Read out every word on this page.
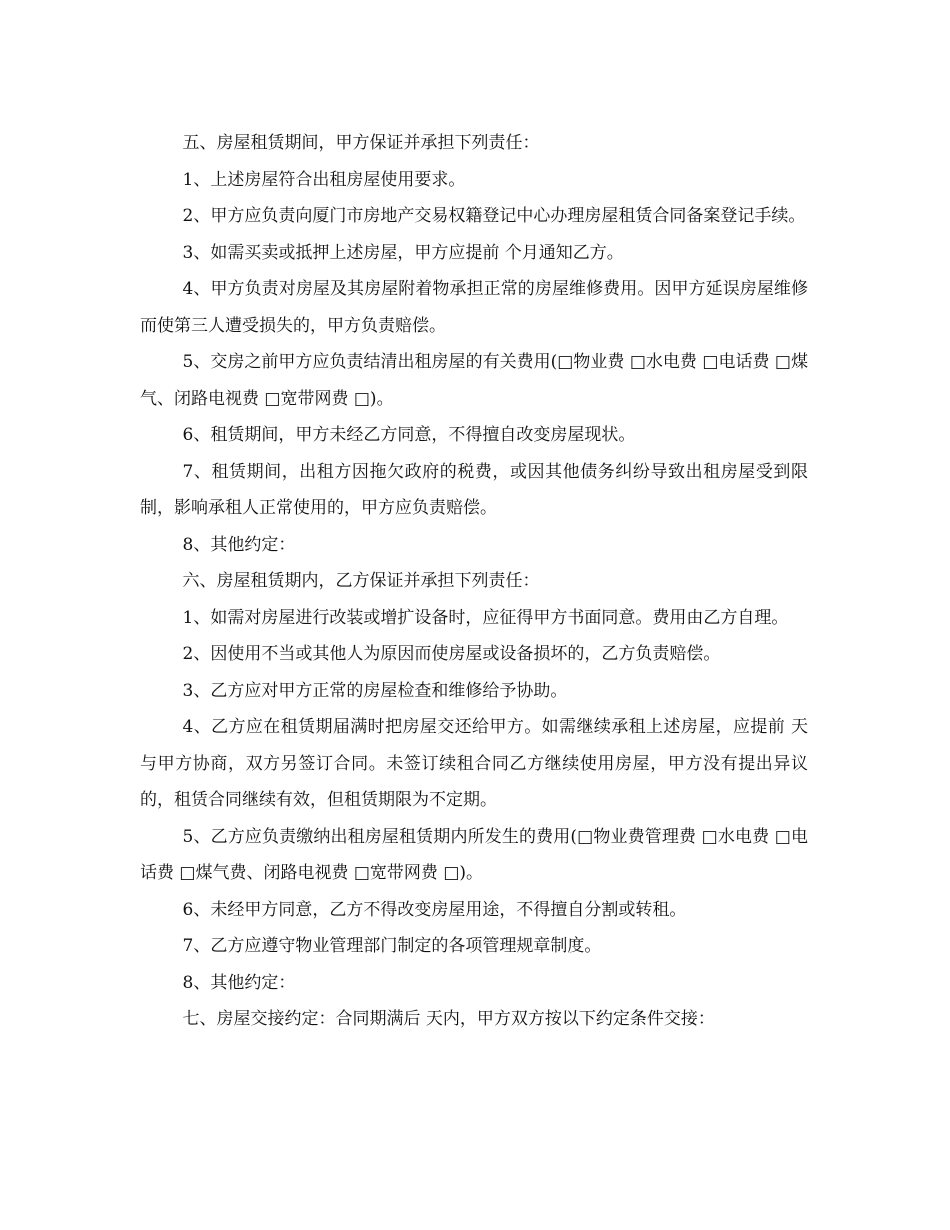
五、房屋租赁期间，甲方保证并承担下列责任：

1、上述房屋符合出租房屋使用要求。

2、甲方应负责向厦门市房地产交易权籍登记中心办理房屋租赁合同备案登记手续。

3、如需买卖或抵押上述房屋，甲方应提前 个月通知乙方。

4、甲方负责对房屋及其房屋附着物承担正常的房屋维修费用。因甲方延误房屋维修而使第三人遭受损失的，甲方负责赔偿。

5、交房之前甲方应负责结清出租房屋的有关费用(□物业费 □水电费 □电话费 □煤气、闭路电视费 □宽带网费 □)。

6、租赁期间，甲方未经乙方同意，不得擅自改变房屋现状。

7、租赁期间，出租方因拖欠政府的税费，或因其他债务纠纷导致出租房屋受到限制，影响承租人正常使用的，甲方应负责赔偿。

8、其他约定：

六、房屋租赁期内，乙方保证并承担下列责任：

1、如需对房屋进行改装或增扩设备时，应征得甲方书面同意。费用由乙方自理。

2、因使用不当或其他人为原因而使房屋或设备损坏的，乙方负责赔偿。

3、乙方应对甲方正常的房屋检查和维修给予协助。

4、乙方应在租赁期届满时把房屋交还给甲方。如需继续承租上述房屋，应提前 天与甲方协商，双方另签订合同。未签订续租合同乙方继续使用房屋，甲方没有提出异议的，租赁合同继续有效，但租赁期限为不定期。

5、乙方应负责缴纳出租房屋租赁期内所发生的费用(□物业费管理费 □水电费 □电话费 □煤气费、闭路电视费 □宽带网费 □)。

6、未经甲方同意，乙方不得改变房屋用途，不得擅自分割或转租。

7、乙方应遵守物业管理部门制定的各项管理规章制度。

8、其他约定：

七、房屋交接约定：合同期满后 天内，甲方双方按以下约定条件交接：
